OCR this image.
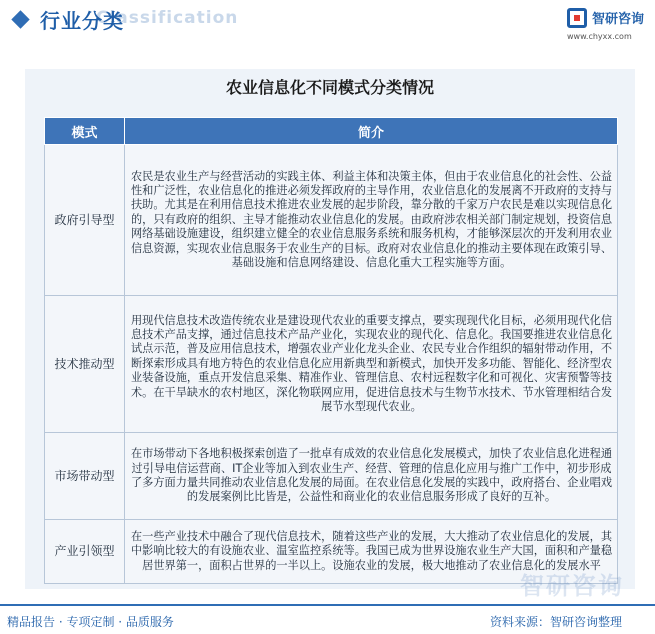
Classification
行业分类	智研咨询
www.chyxx.com
农业信息化不同模式分类情况
模式	简介
政府引导型	农民是农业生产与经营活动的实践主体、利益主体和决策主体，但由于农业信息化的社会性、公益性和广泛性，农业信息化的推进必须发挥政府的主导作用，农业信息化的发展离不开政府的支持与扶助。尤其是在利用信息技术推进农业发展的起步阶段，靠分散的千家万户农民是难以实现信息化的，只有政府的组织、主导才能推动农业信息化的发展。由政府涉农相关部门制定规划，投资信息网络基础设施建设，组织建立健全的农业信息服务系统和服务机构，才能够深层次的开发利用农业信息资源，实现农业信息服务于农业生产的目标。政府对农业信息化的推动主要体现在政策引导、基础设施和信息网络建设、信息化重大工程实施等方面。
技术推动型	用现代信息技术改造传统农业是建设现代农业的重要支撑点，要实现现代化目标，必须用现代化信息技术产品支撑，通过信息技术产品产业化，实现农业的现代化、信息化。我国要推进农业信息化试点示范，普及应用信息技术，增强农业产业化龙头企业、农民专业合作组织的辐射带动作用，不断探索形成具有地方特色的农业信息化应用新典型和新模式，加快开发多功能、智能化、经济型农业装备设施，重点开发信息采集、精准作业、管理信息、农村远程数字化和可视化、灾害预警等技术。在干旱缺水的农村地区，深化物联网应用，促进信息技术与生物节水技术、节水管理相结合发展节水型现代农业。
市场带动型	在市场带动下各地积极探索创造了一批卓有成效的农业信息化发展模式，加快了农业信息化进程通过引导电信运营商、IT企业等加入到农业生产、经营、管理的信息化应用与推广工作中，初步形成了多方面力量共同推动农业信息化发展的局面。在农业信息化发展的实践中，政府搭台、企业唱戏的发展案例比比皆是，公益性和商业化的农业信息服务形成了良好的互补。
产业引领型	在一些产业技术中融合了现代信息技术，随着这些产业的发展，大大推动了农业信息化的发展，其中影响比较大的有设施农业、温室监控系统等。我国已成为世界设施农业生产大国，面积和产量稳居世界第一，面积占世界的一半以上。设施农业的发展，极大地推动了农业信息化的发展水平
智研咨询
精品报告 · 专项定制 · 品质服务	资料来源：智研咨询整理
